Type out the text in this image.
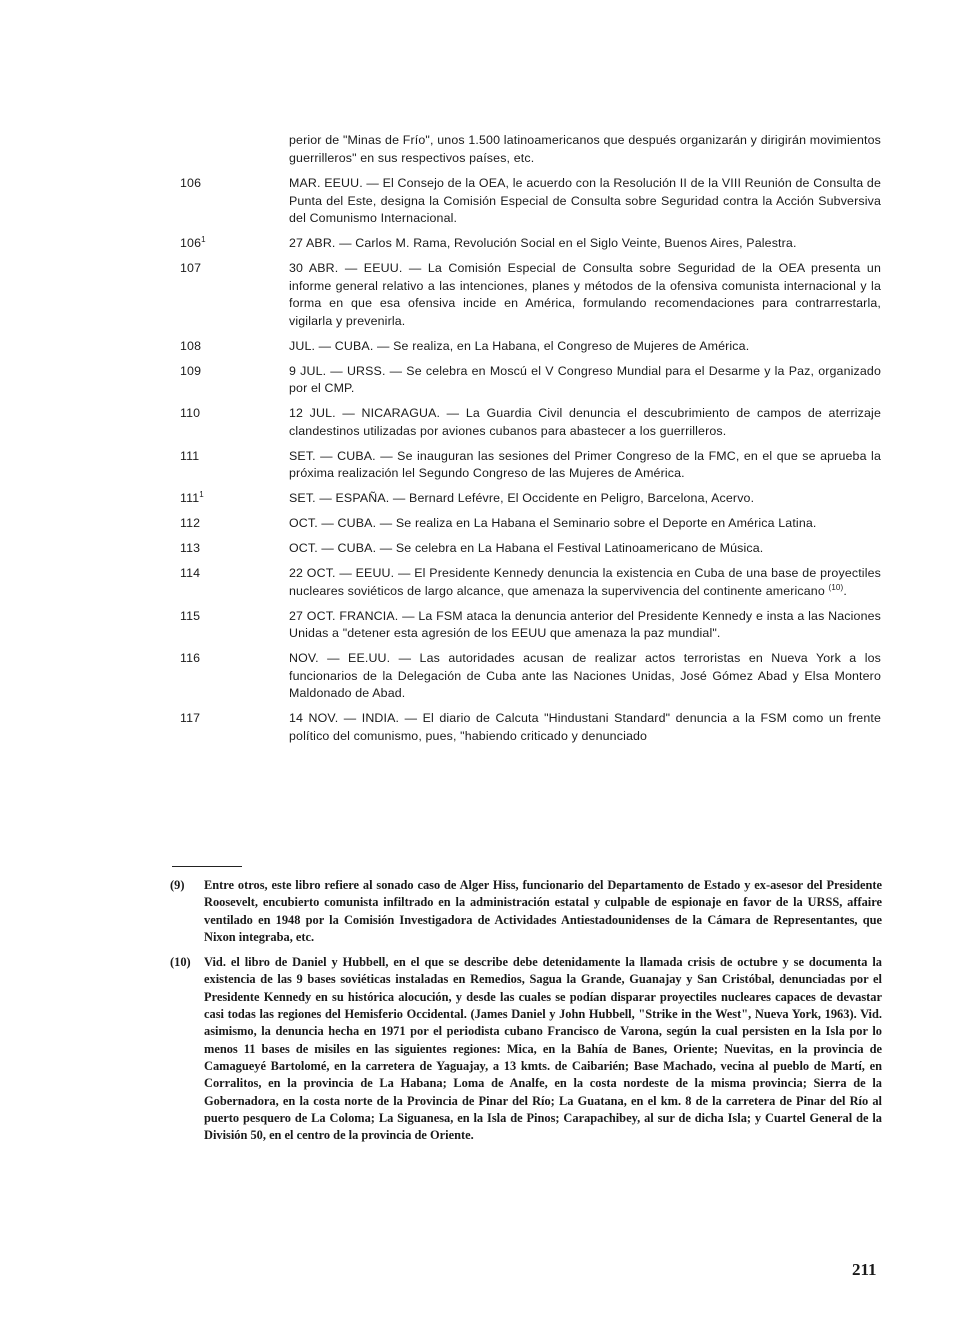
perior de "Minas de Frío", unos 1.500 latinoamericanos que después organizarán y dirigirán movimientos guerrilleros" en sus respectivos países, etc.
106	MAR. EEUU. — El Consejo de la OEA, le acuerdo con la Resolución II de la VIII Reunión de Consulta de Punta del Este, designa la Comisión Especial de Consulta sobre Seguridad contra la Acción Subversiva del Comunismo Internacional.
$106^1$	27 ABR. — Carlos M. Rama, Revolución Social en el Siglo Veinte, Buenos Aires, Palestra.
107	30 ABR. — EEUU. — La Comisión Especial de Consulta sobre Seguridad de la OEA presenta un informe general relativo a las intenciones, planes y métodos de la ofensiva comunista internacional y la forma en que esa ofensiva incide en América, formulando recomendaciones para contrarrestarla, vigilarla y prevenirla.
108	JUL. — CUBA. — Se realiza, en La Habana, el Congreso de Mujeres de América.
109	9 JUL. — URSS. — Se celebra en Moscú el V Congreso Mundial para el Desarme y la Paz, organizado por el CMP.
110	12 JUL. — NICARAGUA. — La Guardia Civil denuncia el descubrimiento de campos de aterrizaje clandestinos utilizadas por aviones cubanos para abastecer a los guerrilleros.
111	SET. — CUBA. — Se inauguran las sesiones del Primer Congreso de la FMC, en el que se aprueba la próxima realización lel Segundo Congreso de las Mujeres de América.
$111^1$	SET. — ESPAÑA. — Bernard Lefévre, El Occidente en Peligro, Barcelona, Acervo.
112	OCT. — CUBA. — Se realiza en La Habana el Seminario sobre el Deporte en América Latina.
113	OCT. — CUBA. — Se celebra en La Habana el Festival Latinoamericano de Música.
114	22 OCT. — EEUU. — El Presidente Kennedy denuncia la existencia en Cuba de una base de proyectiles nucleares soviéticos de largo alcance, que amenaza la supervivencia del continente americano $^{(10)}$.
115	27 OCT. FRANCIA. — La FSM ataca la denuncia anterior del Presidente Kennedy e insta a las Naciones Unidas a "detener esta agresión de los EEUU que amenaza la paz mundial".
116	NOV. — EE.UU. — Las autoridades acusan de realizar actos terroristas en Nueva York a los funcionarios de la Delegación de Cuba ante las Naciones Unidas, José Gómez Abad y Elsa Montero Maldonado de Abad.
117	14 NOV. — INDIA. — El diario de Calcuta "Hindustani Standard" denuncia a la FSM como un frente político del comunismo, pues, "habiendo criticado y denunciado
(9)	Entre otros, este libro refiere al sonado caso de Alger Hiss, funcionario del Departamento de Estado y ex-asesor del Presidente Roosevelt, encubierto comunista infiltrado en la administración estatal y culpable de espionaje en favor de la URSS, affaire ventilado en 1948 por la Comisión Investigadora de Actividades Antiestadounidenses de la Cámara de Representantes, que Nixon integraba, etc.
(10)	Vid. el libro de Daniel y Hubbell, en el que se describe debe detenidamente la llamada crisis de octubre y se documenta la existencia de las 9 bases soviéticas instaladas en Remedios, Sagua la Grande, Guanajay y San Cristóbal, denunciadas por el Presidente Kennedy en su histórica alocución, y desde las cuales se podían disparar proyectiles nucleares capaces de devastar casi todas las regiones del Hemisferio Occidental. (James Daniel y John Hubbell, "Strike in the West", Nueva York, 1963). Vid. asimismo, la denuncia hecha en 1971 por el periodista cubano Francisco de Varona, según la cual persisten en la Isla por lo menos 11 bases de misiles en las siguientes regiones: Mica, en la Bahía de Banes, Oriente; Nuevitas, en la provincia de Camagueyé Bartolomé, en la carretera de Yaguajay, a 13 kmts. de Caibarién; Base Machado, vecina al pueblo de Martí, en Corralitos, en la provincia de La Habana; Loma de Analfe, en la costa nordeste de la misma provincia; Sierra de la Gobernadora, en la costa norte de la Provincia de Pinar del Río; La Guatana, en el km. 8 de la carretera de Pinar del Río al puerto pesquero de La Coloma; La Siguanesa, en la Isla de Pinos; Carapachibey, al sur de dicha Isla; y Cuartel General de la División 50, en el centro de la provincia de Oriente.
211
